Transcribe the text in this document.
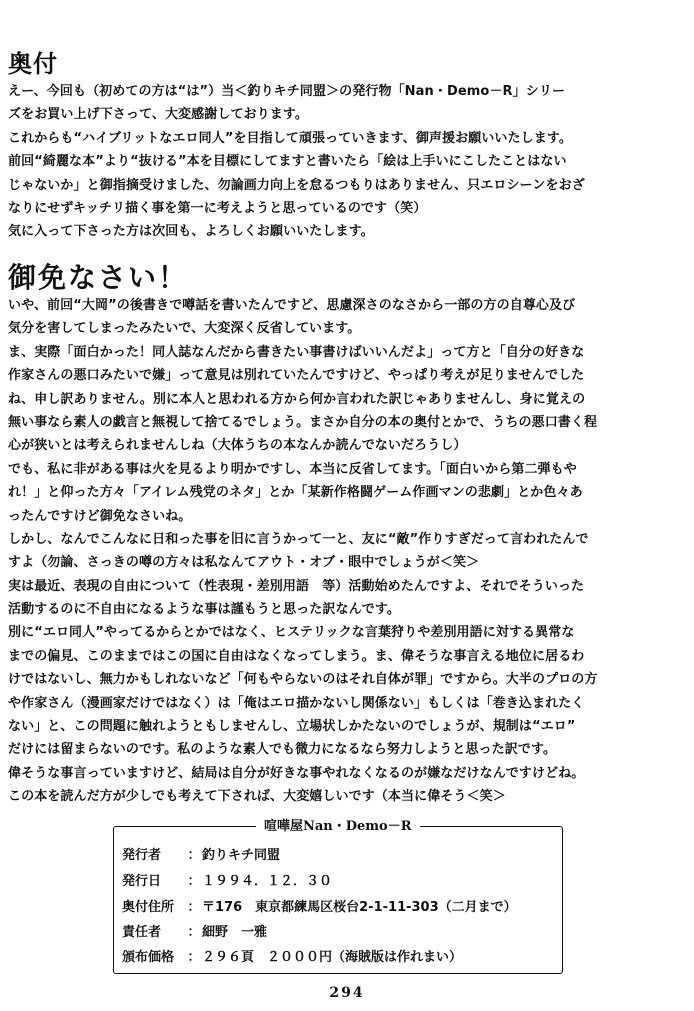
奥付
えー、今回も（初めての方は“は”）当＜釣りキチ同盟＞の発行物「Nan・Demo－R」シリー
ズをお買い上げ下さって、大変感謝しております。
これからも“ハイブリットなエロ同人”を目指して頑張っていきます、御声援お願いいたします。
前回“綺麗な本”より“抜ける”本を目標にしてますと書いたら「絵は上手いにこしたことはない
じゃないか」と御指摘受けました、勿論画力向上を怠るつもりはありません、只エロシーンをおざ
なりにせずキッチリ描く事を第一に考えようと思っているのです（笑）
気に入って下さった方は次回も、よろしくお願いいたします。
御免なさい！
いや、前回“大岡”の後書きで噂話を書いたんですど、思慮深さのなさから一部の方の自尊心及び
気分を害してしまったみたいで、大変深く反省しています。
ま、実際「面白かった！同人誌なんだから書きたい事書けばいいんだよ」って方と「自分の好きな
作家さんの悪口みたいで嫌」って意見は別れていたんですけど、やっぱり考えが足りませんでした
ね、申し訳ありません。別に本人と思われる方から何か言われた訳じゃありませんし、身に覚えの
無い事なら素人の戯言と無視して捨てるでしょう。まさか自分の本の奥付とかで、うちの悪口書く程
心が狭いとは考えられませんしね（大体うちの本なんか読んでないだろうし）
でも、私に非がある事は火を見るより明かですし、本当に反省してます。「面白いから第二弾もや
れ！」と仰った方々「アイレム残党のネタ」とか「某新作格闘ゲーム作画マンの悲劇」とか色々あ
ったんですけど御免なさいね。
しかし、なんでこんなに日和った事を旧に言うかって一と、友に“敵”作りすぎだって言われたんで
すよ（勿論、さっきの噂の方々は私なんてアウト・オブ・眼中でしょうが＜笑＞
実は最近、表現の自由について（性表現・差別用語　等）活動始めたんですよ、それでそういった
活動するのに不自由になるような事は謹もうと思った訳なんです。
別に“エロ同人”やってるからとかではなく、ヒステリックな言葉狩りや差別用語に対する異常な
までの偏見、このままではこの国に自由はなくなってしまう。ま、偉そうな事言える地位に居るわ
けではないし、無力かもしれないなど「何もやらないのはそれ自体が罪」ですから。大半のプロの方
や作家さん（漫画家だけではなく）は「俺はエロ描かないし関係ない」もしくは「巻き込まれたく
ない」と、この問題に触れようともしませんし、立場状しかたないのでしょうが、規制は“エロ”
だけには留まらないのです。私のような素人でも微力になるなら努力しようと思った訳です。
偉そうな事言っていますけど、結局は自分が好きな事やれなくなるのが嫌なだけなんですけどね。
この本を読んだ方が少しでも考えて下されば、大変嬉しいです（本当に偉そう＜笑＞
喧嘩屋Nan・Demo－R
発行者 ： 釣りキチ同盟
発行日 ： １９９４．１２．３０
奥付住所 ： 〒176　東京都練馬区桜台2-1-11-303（二月まで）
責任者 ： 細野　一雅
頒布価格 ： ２９６頁　２０００円（海賊版は作れまい）
294
